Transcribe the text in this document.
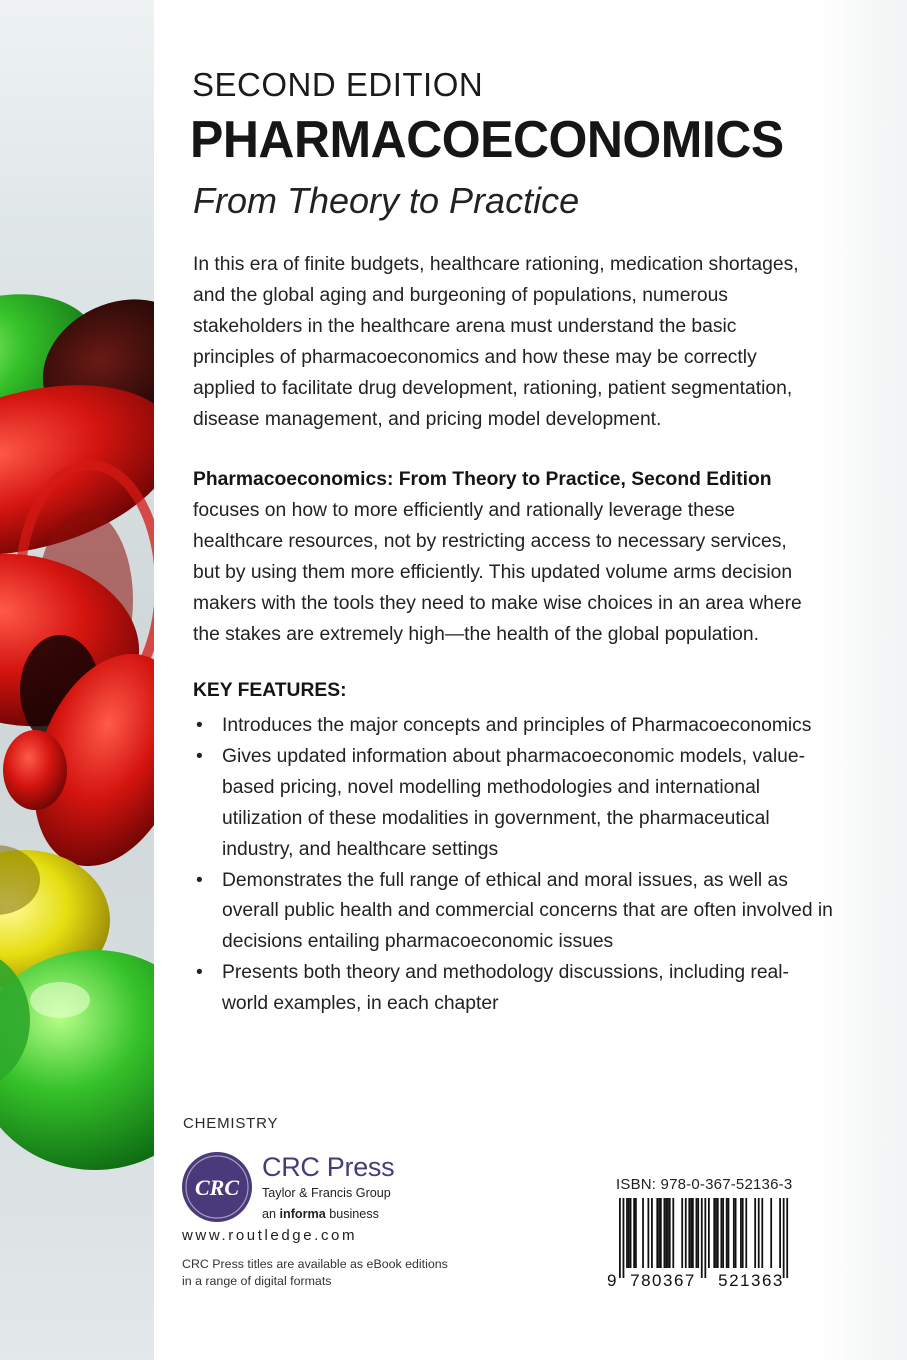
SECOND EDITION
PHARMACOECONOMICS
From Theory to Practice

In this era of finite budgets, healthcare rationing, medication shortages, and the global aging and burgeoning of populations, numerous stakeholders in the healthcare arena must understand the basic principles of pharmacoeconomics and how these may be correctly applied to facilitate drug development, rationing, patient segmentation, disease management, and pricing model development.

Pharmacoeconomics: From Theory to Practice, Second Edition focuses on how to more efficiently and rationally leverage these healthcare resources, not by restricting access to necessary services, but by using them more efficiently. This updated volume arms decision makers with the tools they need to make wise choices in an area where the stakes are extremely high—the health of the global population.

KEY FEATURES:
• Introduces the major concepts and principles of Pharmacoeconomics
• Gives updated information about pharmacoeconomic models, value-based pricing, novel modelling methodologies and international utilization of these modalities in government, the pharmaceutical industry, and healthcare settings
• Demonstrates the full range of ethical and moral issues, as well as overall public health and commercial concerns that are often involved in decisions entailing pharmacoeconomic issues
• Presents both theory and methodology discussions, including real-world examples, in each chapter
CHEMISTRY
CRC
CRC Press
Taylor & Francis Group
an informa business
www.routledge.com
CRC Press titles are available as eBook editions
in a range of digital formats
ISBN: 978-0-367-52136-3
9 780367 521363
